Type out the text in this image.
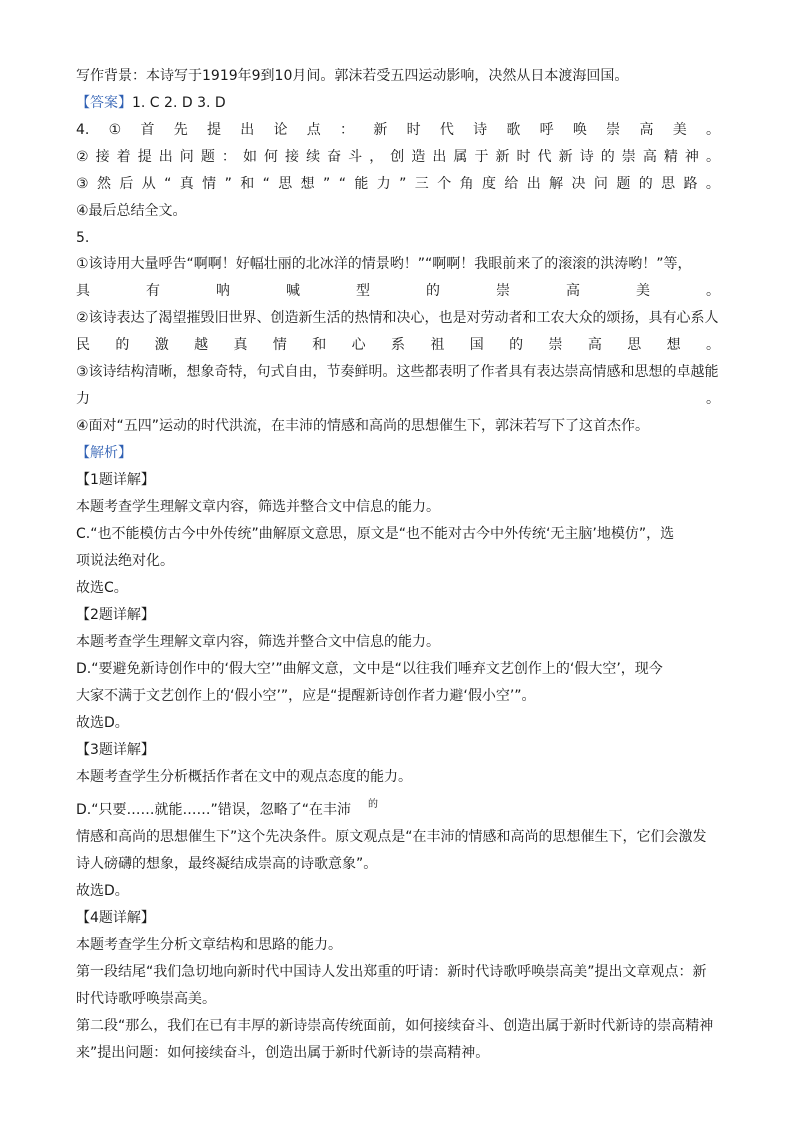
写作背景：本诗写于1919年9到10月间。郭沫若受五四运动影响，决然从日本渡海回国。
【答案】1. C 2. D 3. D
4. ① 首 先 提 出 论 点 ： 新 时 代 诗 歌 呼 唤 崇 高 美 。
② 接 着 提 出 问 题 ： 如 何 接 续 奋 斗 ， 创 造 出 属 于 新 时 代 新 诗 的 崇 高 精 神 。
③ 然 后 从 “ 真 情 ” 和 “ 思 想 ” “ 能 力 ” 三 个 角 度 给 出 解 决 问 题 的 思 路 。
④最后总结全文。
5.
①该诗用大量呼告“啊啊！好幅壮丽的北冰洋的情景哟！”“啊啊！我眼前来了的滚滚的洪涛哟！”等，
具	有	呐	喊	型	的	崇	高	美	。
②该诗表达了渴望摧毁旧世界、创造新生活的热情和决心，也是对劳动者和工农大众的颂扬，具有心系人
民 的 激 越 真 情 和 心 系 祖 国 的 崇 高 思 想 。
③该诗结构清晰，想象奇特，句式自由，节奏鲜明。这些都表明了作者具有表达崇高情感和思想的卓越能
力	。
④面对“五四”运动的时代洪流，在丰沛的情感和高尚的思想催生下，郭沫若写下了这首杰作。
【解析】
【1题详解】
本题考查学生理解文章内容，筛选并整合文中信息的能力。
C.“也不能模仿古今中外传统”曲解原文意思，原文是“也不能对古今中外传统‘无主脑’地模仿”，选
项说法绝对化。
故选C。
【2题详解】
本题考查学生理解文章内容，筛选并整合文中信息的能力。
D.“要避免新诗创作中的‘假大空’”曲解文意，文中是“以往我们唾弃文艺创作上的‘假大空’，现今
大家不满于文艺创作上的‘假小空’”，应是“提醒新诗创作者力避‘假小空’”。
故选D。
【3题详解】
本题考查学生分析概括作者在文中的观点态度的能力。
D.“只要……就能……”错误，忽略了“在丰沛	的
情感和高尚的思想催生下”这个先决条件。原文观点是“在丰沛的情感和高尚的思想催生下，它们会激发
诗人磅礴的想象，最终凝结成崇高的诗歌意象”。
故选D。
【4题详解】
本题考查学生分析文章结构和思路的能力。
第一段结尾“我们急切地向新时代中国诗人发出郑重的吁请：新时代诗歌呼唤崇高美”提出文章观点：新
时代诗歌呼唤崇高美。
第二段“那么，我们在已有丰厚的新诗崇高传统面前，如何接续奋斗、创造出属于新时代新诗的崇高精神
来”提出问题：如何接续奋斗，创造出属于新时代新诗的崇高精神。
